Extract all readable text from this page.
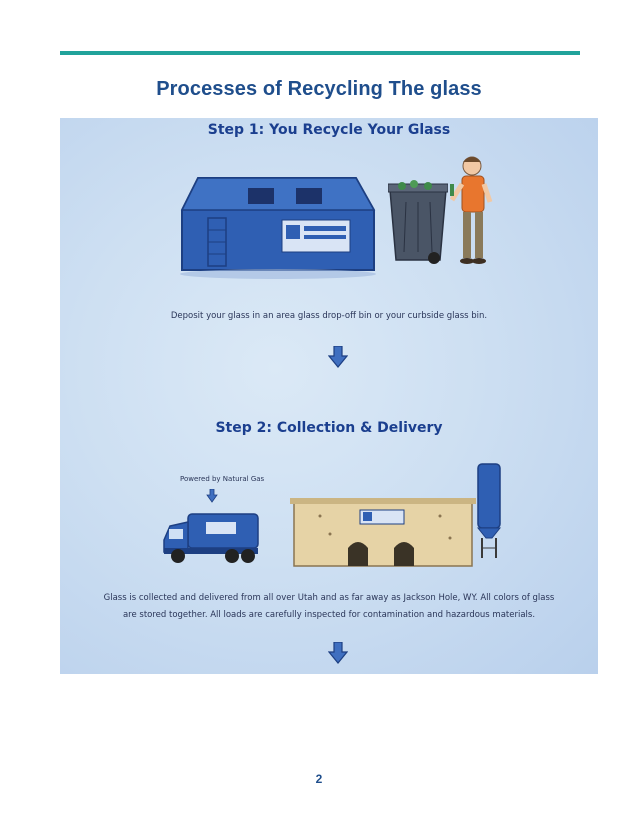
Processes of Recycling The glass
Step 1: You Recycle Your Glass
Deposit your glass in an area glass drop-off bin or your curbside glass bin.
Step 2: Collection & Delivery
Powered by Natural Gas
Glass is collected and delivered from all over Utah and as far away as Jackson Hole, WY. All colors of glass
are stored together. All loads are carefully inspected for contamination and hazardous materials.
2
